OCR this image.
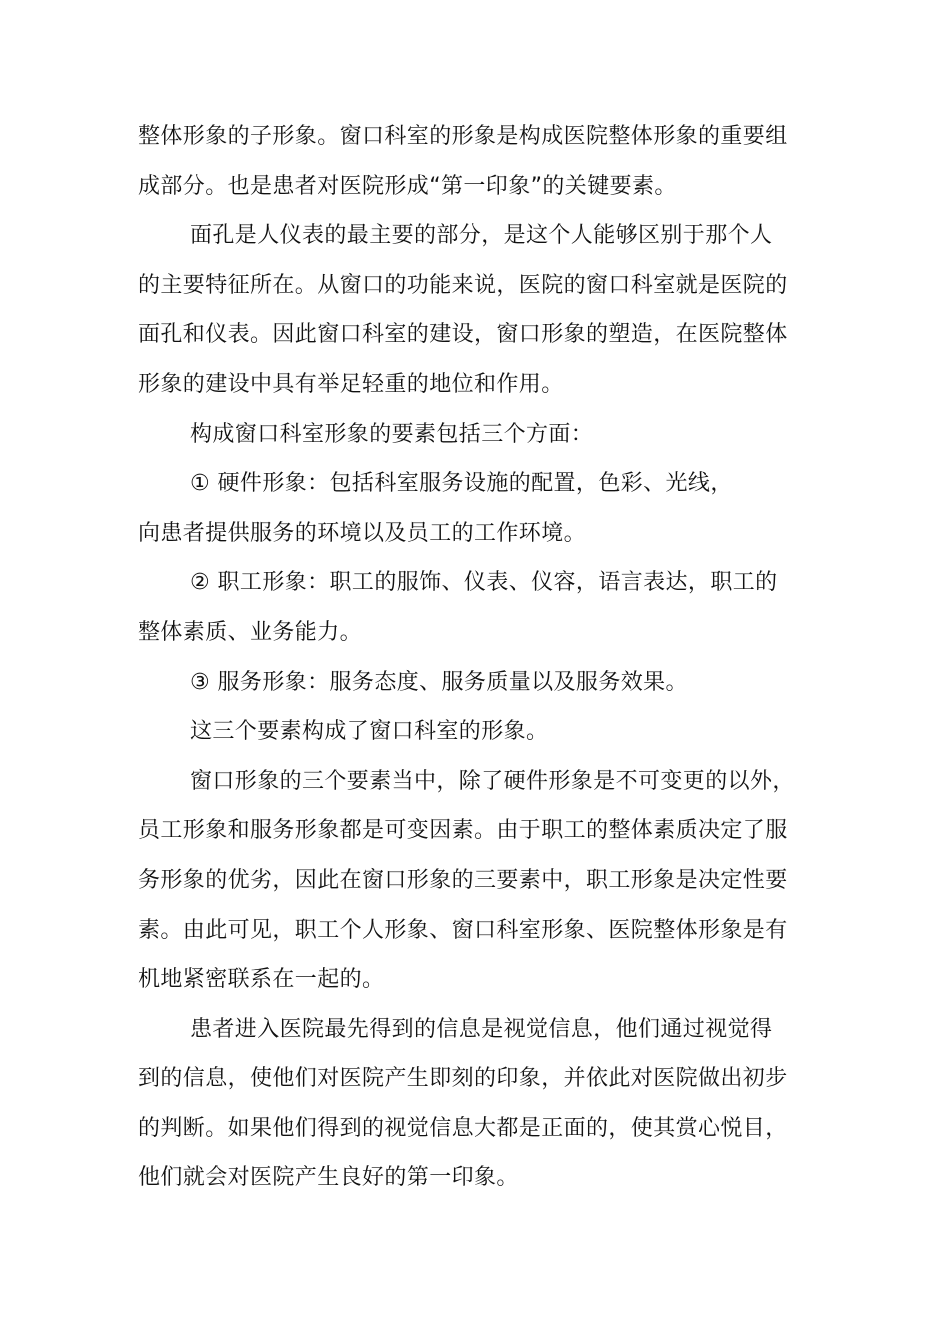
整体形象的子形象。窗口科室的形象是构成医院整体形象的重要组
成部分。也是患者对医院形成“第一印象”的关键要素。
面孔是人仪表的最主要的部分，是这个人能够区别于那个人
的主要特征所在。从窗口的功能来说，医院的窗口科室就是医院的
面孔和仪表。因此窗口科室的建设，窗口形象的塑造，在医院整体
形象的建设中具有举足轻重的地位和作用。
构成窗口科室形象的要素包括三个方面：
① 硬件形象：包括科室服务设施的配置，色彩、光线，
向患者提供服务的环境以及员工的工作环境。
② 职工形象：职工的服饰、仪表、仪容，语言表达，职工的
整体素质、业务能力。
③ 服务形象：服务态度、服务质量以及服务效果。
这三个要素构成了窗口科室的形象。
窗口形象的三个要素当中，除了硬件形象是不可变更的以外，
员工形象和服务形象都是可变因素。由于职工的整体素质决定了服
务形象的优劣，因此在窗口形象的三要素中，职工形象是决定性要
素。由此可见，职工个人形象、窗口科室形象、医院整体形象是有
机地紧密联系在一起的。
患者进入医院最先得到的信息是视觉信息，他们通过视觉得
到的信息，使他们对医院产生即刻的印象，并依此对医院做出初步
的判断。如果他们得到的视觉信息大都是正面的，使其赏心悦目，
他们就会对医院产生良好的第一印象。
